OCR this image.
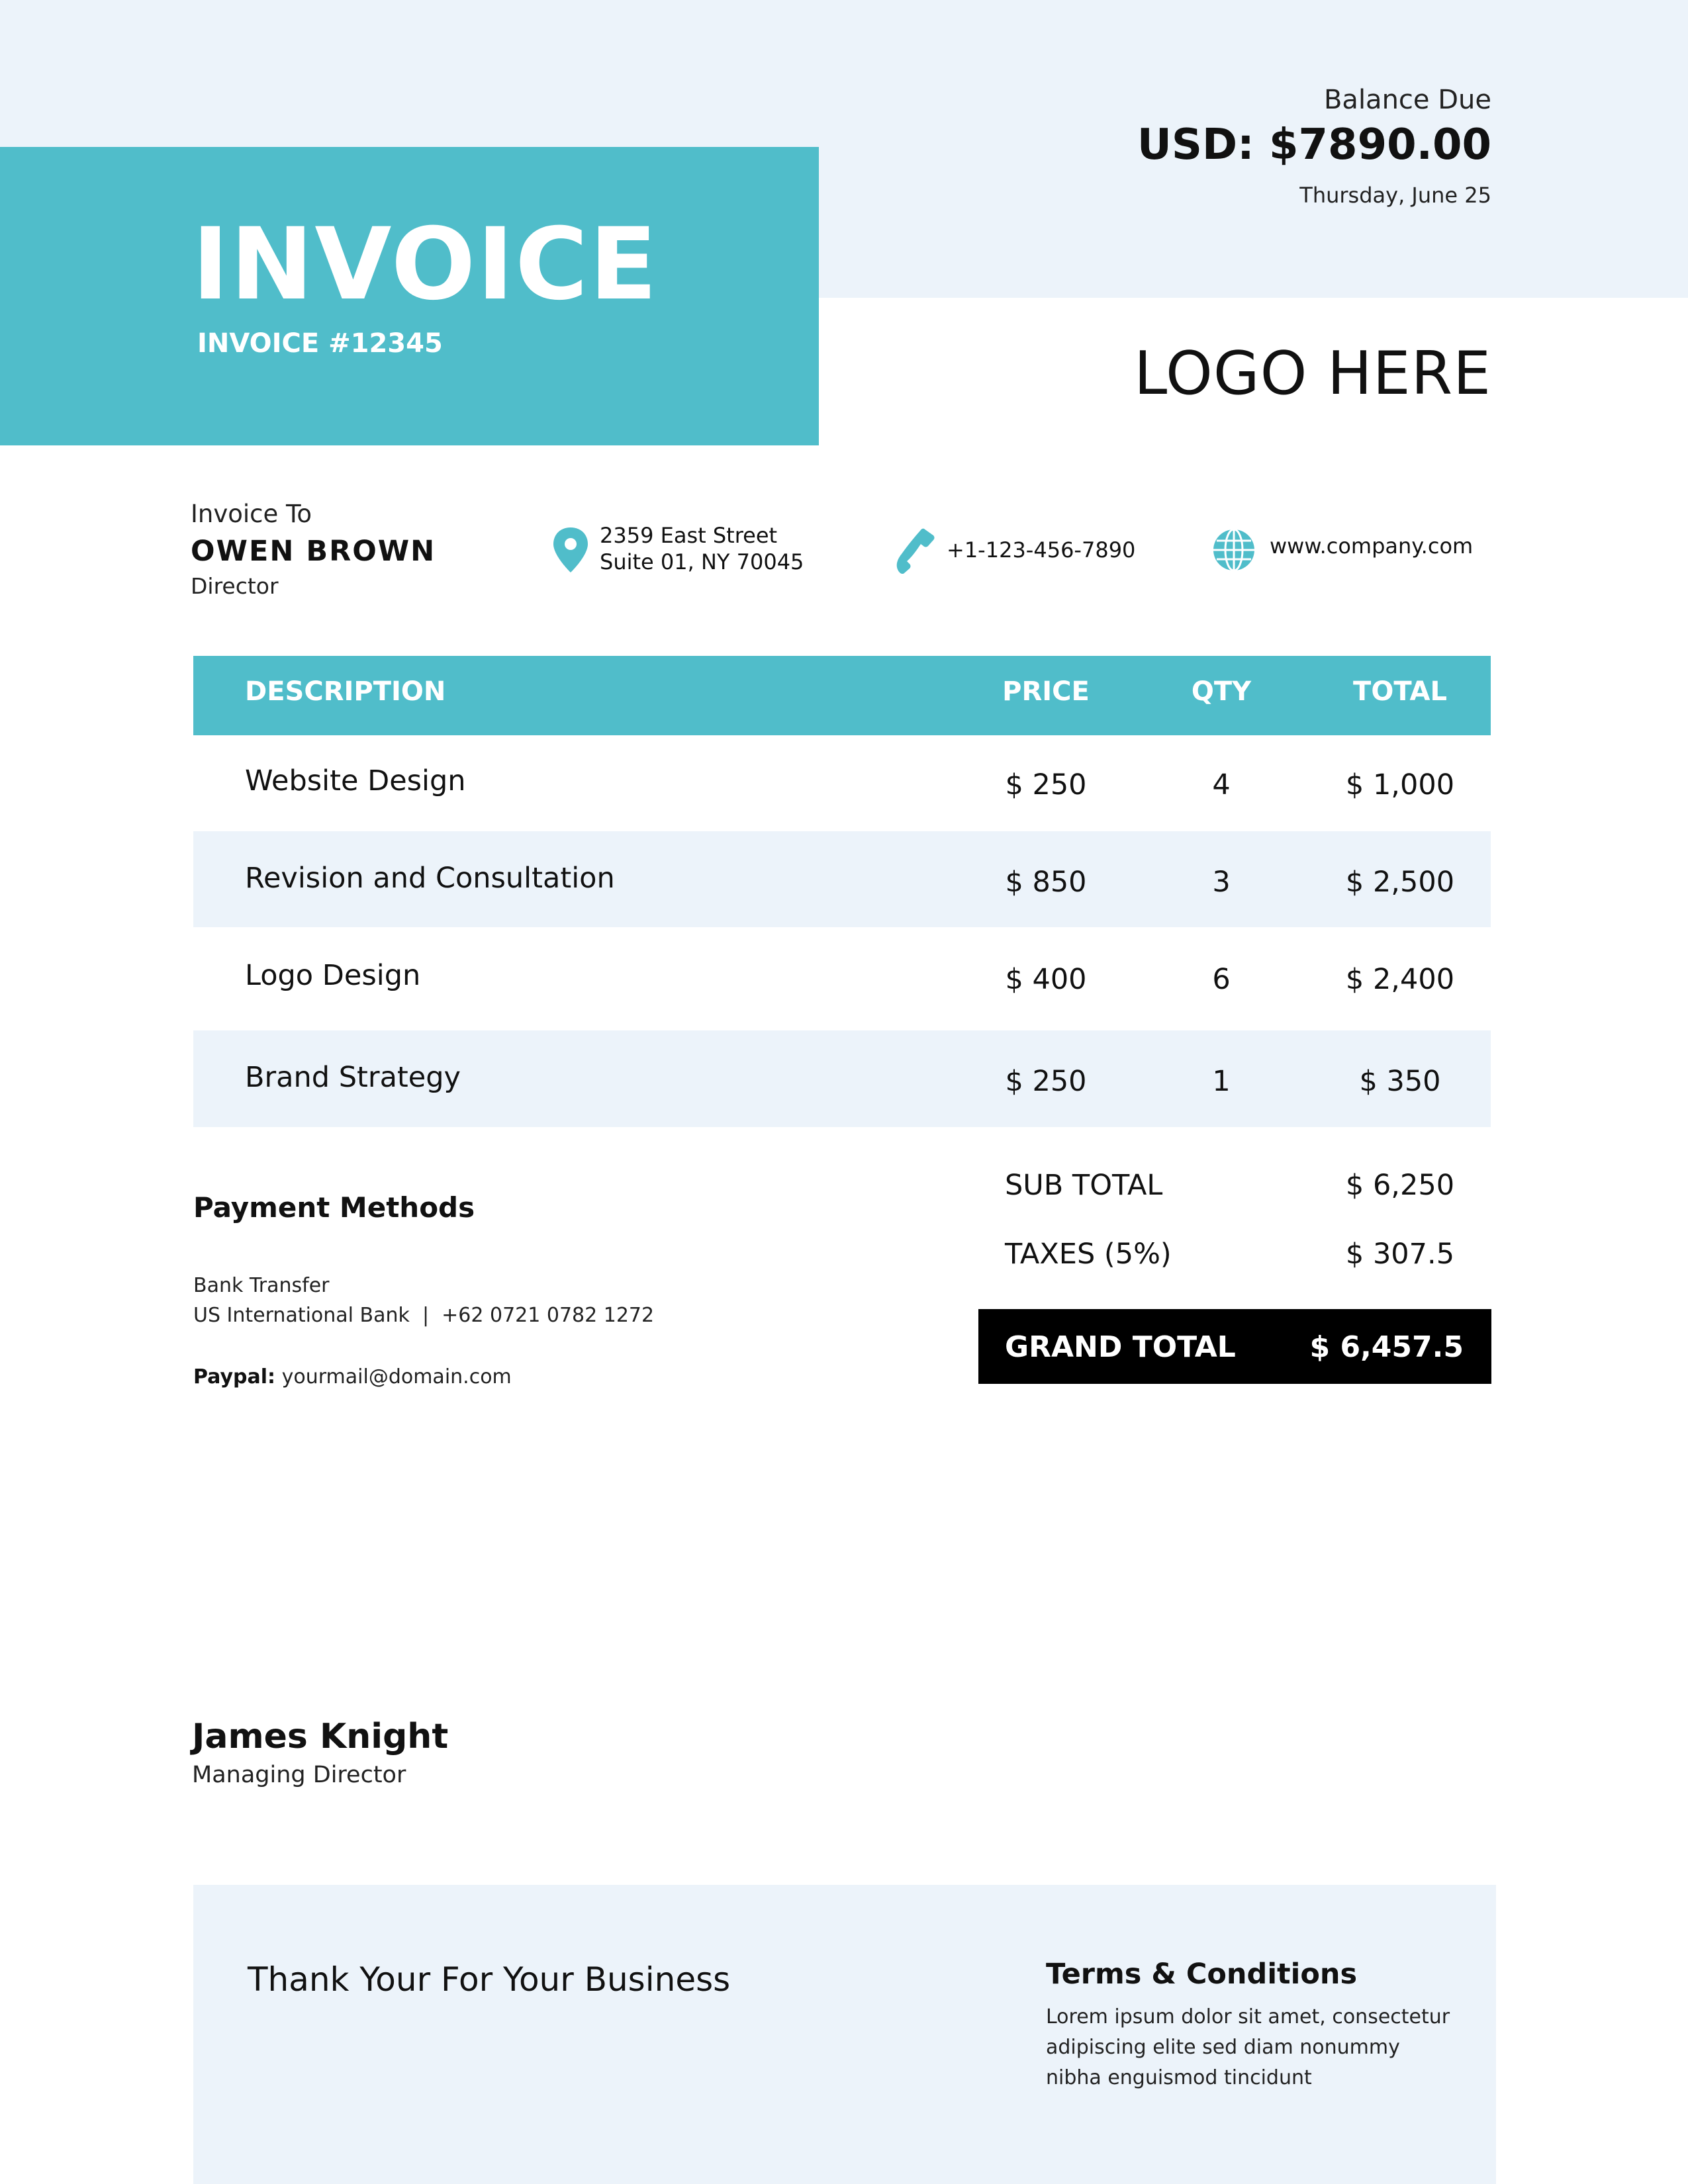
INVOICE
INVOICE #12345
Balance Due
USD: $7890.00
Thursday, June 25
LOGO HERE
Invoice To
OWEN BROWN
Director
2359 East Street
Suite 01, NY 70045	+1-123-456-7890	www.company.com
DESCRIPTION	PRICE	QTY	TOTAL
Website Design	$ 250	4	$ 1,000
Revision and Consultation	$ 850	3	$ 2,500
Logo Design	$ 400	6	$ 2,400
Brand Strategy	$ 250	1	$ 350
Payment Methods
Bank Transfer
US International Bank  |  +62 0721 0782 1272
Paypal: yourmail@domain.com
SUB TOTAL	$ 6,250
TAXES (5%)	$ 307.5
GRAND TOTAL	$ 6,457.5
James Knight
Managing Director
Thank Your For Your Business	Terms & Conditions
Lorem ipsum dolor sit amet, consectetur
adipiscing elite sed diam nonummy
nibha enguismod tincidunt
